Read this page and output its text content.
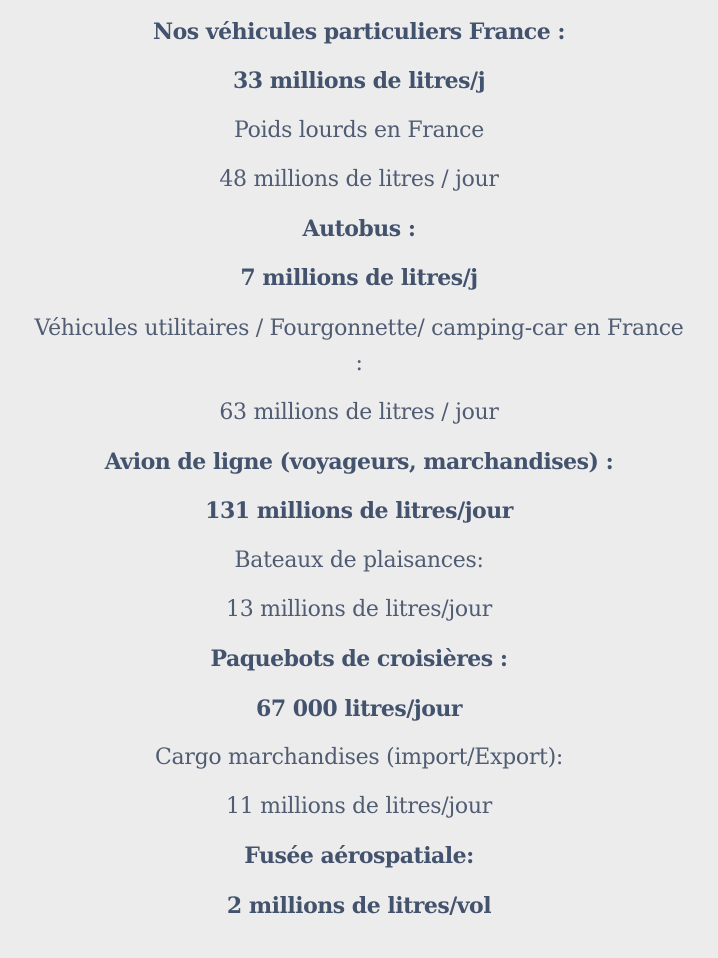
Nos véhicules particuliers France :

33 millions de litres/j

Poids lourds en France

48 millions de litres / jour

Autobus :

7 millions de litres/j

Véhicules utilitaires / Fourgonnette/ camping-car en France :

63 millions de litres / jour

Avion de ligne (voyageurs, marchandises) :

131 millions de litres/jour

Bateaux de plaisances:

13 millions de litres/jour

Paquebots de croisières :

67 000 litres/jour

Cargo marchandises (import/Export):

11 millions de litres/jour

Fusée aérospatiale:

2 millions de litres/vol
